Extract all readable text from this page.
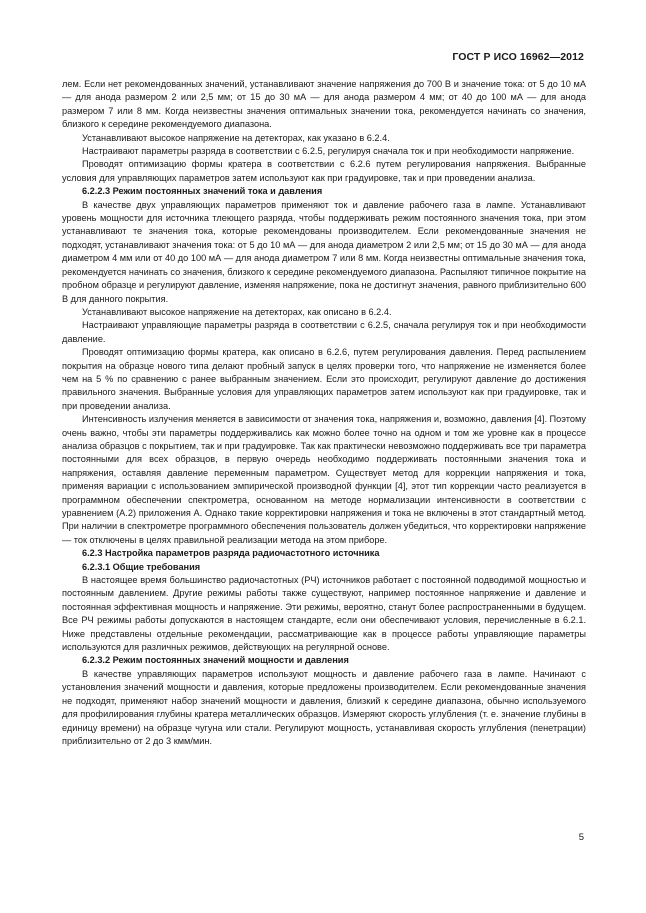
ГОСТ Р ИСО 16962—2012

лем. Если нет рекомендованных значений, устанавливают значение напряжения до 700 В и значение тока: от 5 до 10 мА — для анода размером 2 или 2,5 мм; от 15 до 30 мА — для анода размером 4 мм; от 40 до 100 мА — для анода размером 7 или 8 мм. Когда неизвестны значения оптимальных значении тока, рекомендуется начинать со значения, близкого к середине рекомендуемого диапазона.

Устанавливают высокое напряжение на детекторах, как указано в 6.2.4.

Настраивают параметры разряда в соответствии с 6.2.5, регулируя сначала ток и при необходимости напряжение.

Проводят оптимизацию формы кратера в соответствии с 6.2.6 путем регулирования напряжения. Выбранные условия для управляющих параметров затем используют как при градуировке, так и при проведении анализа.

6.2.2.3 Режим постоянных значений тока и давления

В качестве двух управляющих параметров применяют ток и давление рабочего газа в лампе. Устанавливают уровень мощности для источника тлеющего разряда, чтобы поддерживать режим постоянного значения тока, при этом устанавливают те значения тока, которые рекомендованы производителем. Если рекомендованные значения не подходят, устанавливают значения тока: от 5 до 10 мА — для анода диаметром 2 или 2,5 мм; от 15 до 30 мА — для анода диаметром 4 мм или от 40 до 100 мА — для анода диаметром 7 или 8 мм. Когда неизвестны оптимальные значения тока, рекомендуется начинать со значения, близкого к середине рекомендуемого диапазона. Распыляют типичное покрытие на пробном образце и регулируют давление, изменяя напряжение, пока не достигнут значения, равного приблизительно 600 В для данного покрытия.

Устанавливают высокое напряжение на детекторах, как описано в 6.2.4.

Настраивают управляющие параметры разряда в соответствии с 6.2.5, сначала регулируя ток и при необходимости давление.

Проводят оптимизацию формы кратера, как описано в 6.2.6, путем регулирования давления. Перед распылением покрытия на образце нового типа делают пробный запуск в целях проверки того, что напряжение не изменяется более чем на 5 % по сравнению с ранее выбранным значением. Если это происходит, регулируют давление до достижения правильного значения. Выбранные условия для управляющих параметров затем используют как при градуировке, так и при проведении анализа.

Интенсивность излучения меняется в зависимости от значения тока, напряжения и, возможно, давления [4]. Поэтому очень важно, чтобы эти параметры поддерживались как можно более точно на одном и том же уровне как в процессе анализа образцов с покрытием, так и при градуировке. Так как практически невозможно поддерживать все три параметра постоянными для всех образцов, в первую очередь необходимо поддерживать постоянными значения тока и напряжения, оставляя давление переменным параметром. Существует метод для коррекции напряжения и тока, применяя вариации с использованием эмпирической производной функции [4], этот тип коррекции часто реализуется в программном обеспечении спектрометра, основанном на методе нормализации интенсивности в соответствии с уравнением (А.2) приложения А. Однако такие корректировки напряжения и тока не включены в этот стандартный метод. При наличии в спектрометре программного обеспечения пользователь должен убедиться, что корректировки напряжение — ток отключены в целях правильной реализации метода на этом приборе.

6.2.3 Настройка параметров разряда радиочастотного источника

6.2.3.1 Общие требования

В настоящее время большинство радиочастотных (РЧ) источников работает с постоянной подводимой мощностью и постоянным давлением. Другие режимы работы также существуют, например постоянное напряжение и давление и постоянная эффективная мощность и напряжение. Эти режимы, вероятно, станут более распространенными в будущем. Все РЧ режимы работы допускаются в настоящем стандарте, если они обеспечивают условия, перечисленные в 6.2.1. Ниже представлены отдельные рекомендации, рассматривающие как в процессе работы управляющие параметры используются для различных режимов, действующих на регулярной основе.

6.2.3.2 Режим постоянных значений мощности и давления

В качестве управляющих параметров используют мощность и давление рабочего газа в лампе. Начинают с установления значений мощности и давления, которые предложены производителем. Если рекомендованные значения не подходят, применяют набор значений мощности и давления, близкий к середине диапазона, обычно используемого для профилирования глубины кратера металлических образцов. Измеряют скорость углубления (т. е. значение глубины в единицу времени) на образце чугуна или стали. Регулируют мощность, устанавливая скорость углубления (пенетрации) приблизительно от 2 до 3 кмм/мин.

5
